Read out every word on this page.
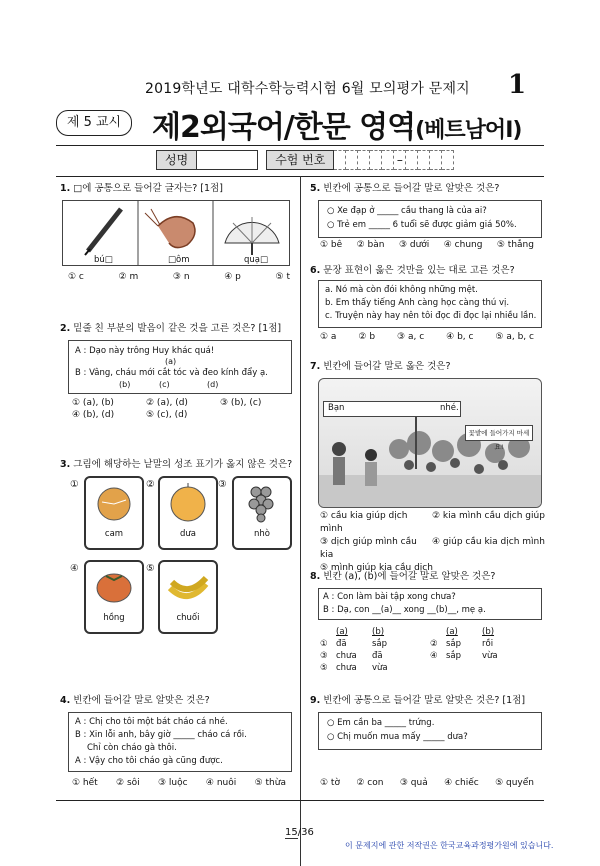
2019학년도 대학수학능력시험 6월 모의평가 문제지 1
제 5 교시	제2외국어/한문 영역(베트남어Ⅰ)
성명	수험 번호	–
1. □에 공통으로 들어갈 글자는? [1점]
bú□	□ôm	quạ□
① c	② m	③ n	④ p	⑤ t
2. 밑줄 친 부분의 발음이 같은 것을 고른 것은? [1점]
A : Dạo này trông Huy khác quá!
(a)
B : Vâng, cháu mới cắt tóc và đeo kính đẩy ạ.
(b)	(c)	(d)
① (a), (b)	② (a), (d)	③ (b), (c)
④ (b), (d)	⑤ (c), (d)
3. 그림에 해당하는 낱말의 성조 표기가 옳지 않은 것은?
①
cam
②
dưa
③
nhò
④
hồng
⑤
chuối
4. 빈칸에 들어갈 말로 알맞은 것은?
A : Chị cho tôi một bát cháo cá nhé.
B : Xin lỗi anh, bây giờ _____ cháo cá rồi.
Chỉ còn cháo gà thôi.
A : Vậy cho tôi cháo gà cũng được.
① hết ② sôi ③ luộc ④ nuôi ⑤ thừa
5. 빈칸에 공통으로 들어갈 말로 알맞은 것은?
○ Xe đạp ở _____ cầu thang là của ai?
○ Trẻ em _____ 6 tuổi sẽ được giảm giá 50%.
① bê ② bàn ③ dưới ④ chung ⑤ thẳng
6. 문장 표현이 옳은 것만을 있는 대로 고른 것은?
a. Nó mà còn đói không những mệt.
b. Em thấy tiếng Anh càng học càng thú vị.
c. Truyện này hay nên tôi đọc đi đọc lại nhiều lần.
① a ② b ③ a, c ④ b, c ⑤ a, b, c
7. 빈칸에 들어갈 말로 옳은 것은?
Bạn	nhé.
꽃밭에 들어가지 마세요!
① cầu kia giúp dịch mình
② kia mình cầu dịch giúp
③ dịch giúp mình cầu kia
④ giúp cầu kia dịch mình
⑤ mình giúp kia cầu dịch
8. 빈칸 (a), (b)에 들어갈 말로 알맞은 것은?
A : Con làm bài tập xong chưa?
B : Dạ, con __(a)__ xong __(b)__, mẹ ạ.
(a)	(b)	(a)	(b)
① đã	sắp	② sắp	rồi
③ chưa	đã	④ sắp	vừa
⑤ chưa	vừa
9. 빈칸에 공통으로 들어갈 말로 알맞은 것은? [1점]
○ Em cần ba _____ trứng.
○ Chị muốn mua mấy _____ dưa?
① tờ ② con ③ quả ④ chiếc ⑤ quyển
15/36
이 문제지에 관한 저작권은 한국교육과정평가원에 있습니다.
